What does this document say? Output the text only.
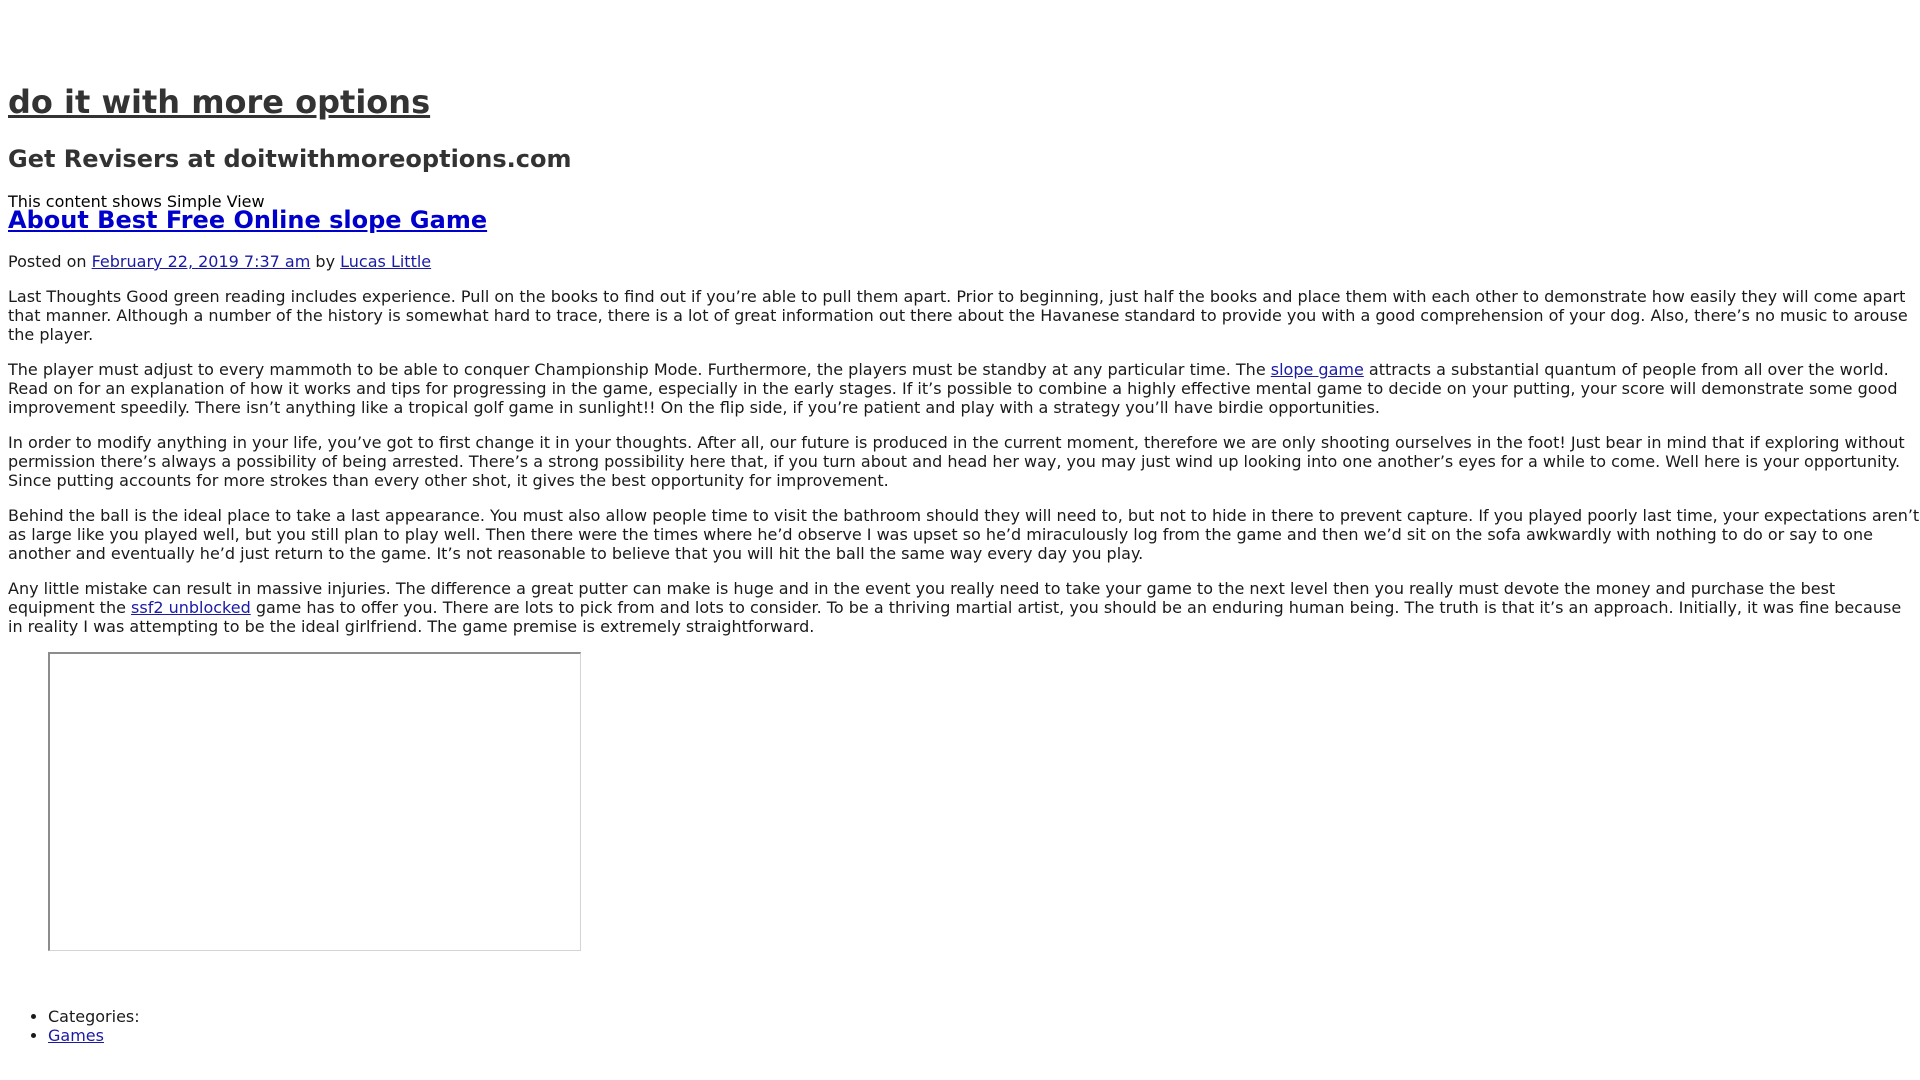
do it with more options
Get Revisers at doitwithmoreoptions.com
This content shows Simple View
About Best Free Online slope Game
Posted on February 22, 2019 7:37 am by Lucas Little

Last Thoughts Good green reading includes experience. Pull on the books to find out if you’re able to pull them apart. Prior to beginning, just half the books and place them with each other to demonstrate how easily they will come apart that manner. Although a number of the history is somewhat hard to trace, there is a lot of great information out there about the Havanese standard to provide you with a good comprehension of your dog. Also, there’s no music to arouse the player.

The player must adjust to every mammoth to be able to conquer Championship Mode. Furthermore, the players must be standby at any particular time. The slope game attracts a substantial quantum of people from all over the world. Read on for an explanation of how it works and tips for progressing in the game, especially in the early stages. If it’s possible to combine a highly effective mental game to decide on your putting, your score will demonstrate some good improvement speedily. There isn’t anything like a tropical golf game in sunlight!! On the flip side, if you’re patient and play with a strategy you’ll have birdie opportunities.

In order to modify anything in your life, you’ve got to first change it in your thoughts. After all, our future is produced in the current moment, therefore we are only shooting ourselves in the foot! Just bear in mind that if exploring without permission there’s always a possibility of being arrested. There’s a strong possibility here that, if you turn about and head her way, you may just wind up looking into one another’s eyes for a while to come. Well here is your opportunity. Since putting accounts for more strokes than every other shot, it gives the best opportunity for improvement.

Behind the ball is the ideal place to take a last appearance. You must also allow people time to visit the bathroom should they will need to, but not to hide in there to prevent capture. If you played poorly last time, your expectations aren’t as large like you played well, but you still plan to play well. Then there were the times where he’d observe I was upset so he’d miraculously log from the game and then we’d sit on the sofa awkwardly with nothing to do or say to one another and eventually he’d just return to the game. It’s not reasonable to believe that you will hit the ball the same way every day you play.

Any little mistake can result in massive injuries. The difference a great putter can make is huge and in the event you really need to take your game to the next level then you really must devote the money and purchase the best equipment the ssf2 unblocked game has to offer you. There are lots to pick from and lots to consider. To be a thriving martial artist, you should be an enduring human being. The truth is that it’s an approach. Initially, it was fine because in reality I was attempting to be the ideal girlfriend. The game premise is extremely straightforward.

• Categories:
• Games
